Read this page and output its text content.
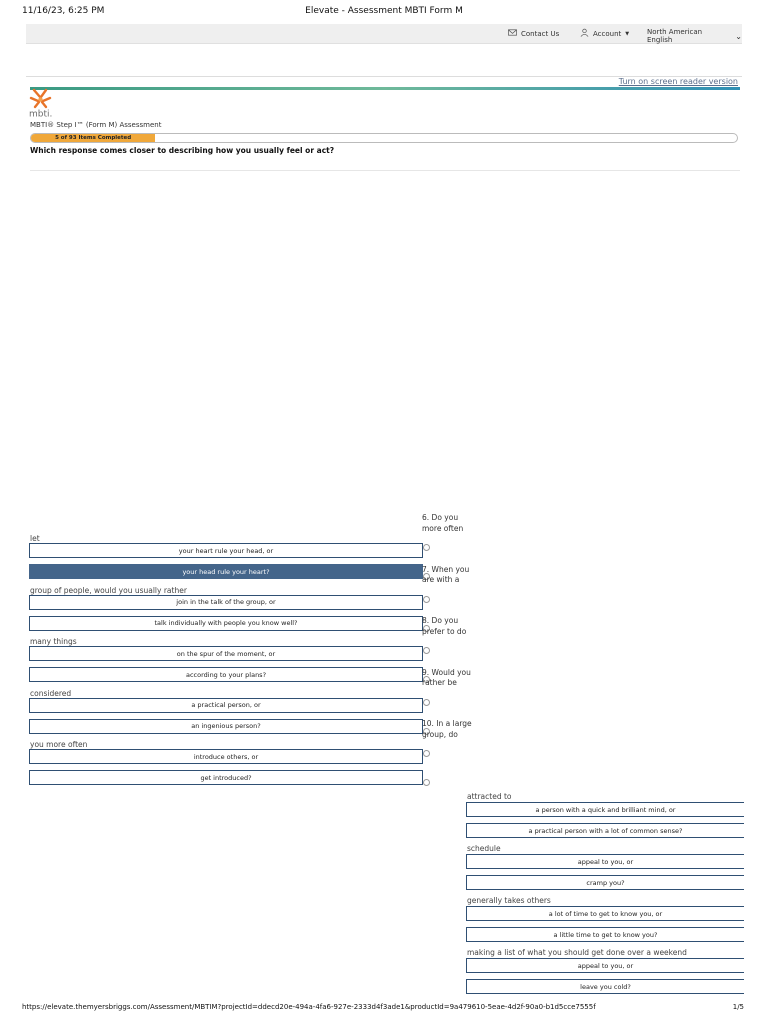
11/16/23, 6:25 PM	Elevate - Assessment MBTI Form M
Contact Us	Account ▼	North American English	⌄
Turn on screen reader version
mbti.
MBTI® Step I™ (Form M) Assessment
5 of 93 Items Completed
Which response comes closer to describing how you usually feel or act?
6. Do you
more often
let
your heart rule your head, or
your head rule your heart?	7. When you
are with a
group of people, would you usually rather
join in the talk of the group, or
talk individually with people you know well?	8. Do you
prefer to do
many things
on the spur of the moment, or
according to your plans?	9. Would you
rather be
considered
a practical person, or
an ingenious person?	10. In a large
group, do
you more often
introduce others, or
get introduced?
attracted to
a person with a quick and brilliant mind, or
a practical person with a lot of common sense?
schedule
appeal to you, or
cramp you?
generally takes others
a lot of time to get to know you, or
a little time to get to know you?
making a list of what you should get done over a weekend
appeal to you, or
leave you cold?
https://elevate.themyersbriggs.com/Assessment/MBTIM?projectId=ddecd20e-494a-4fa6-927e-2333d4f3ade1&productId=9a479610-5eae-4d2f-90a0-b1d5cce7555f	1/5
